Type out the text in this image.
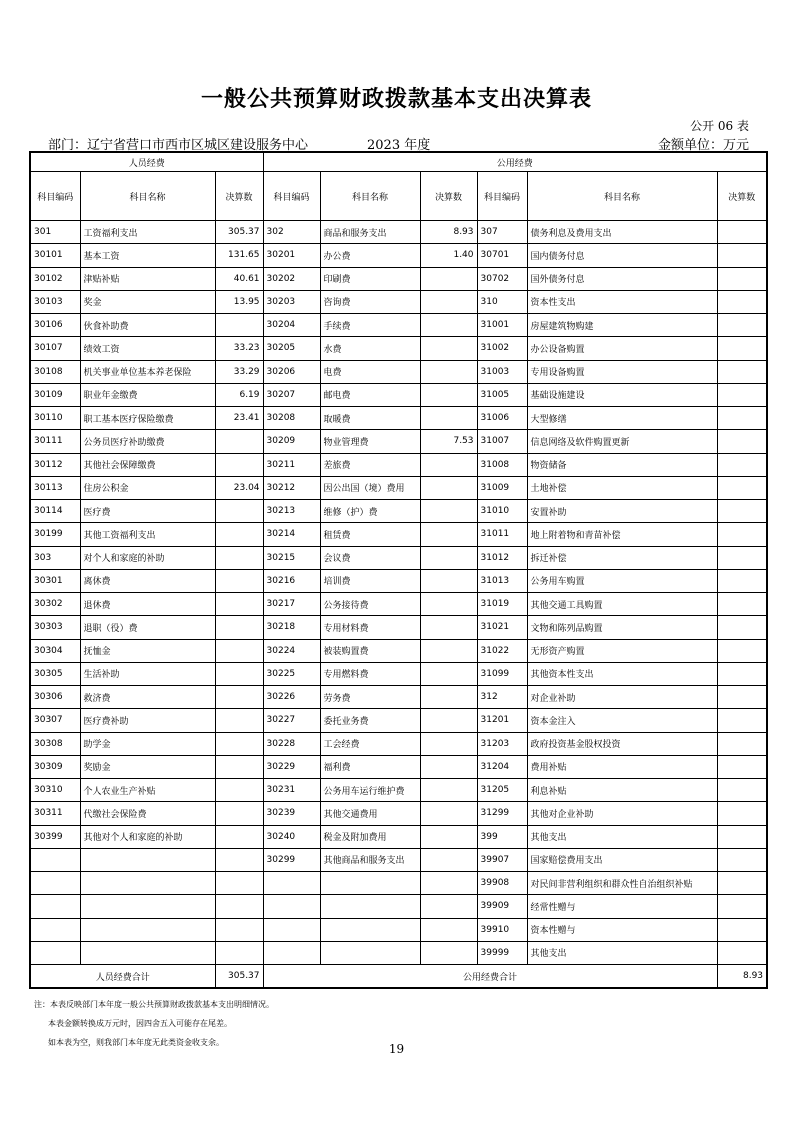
一般公共预算财政拨款基本支出决算表
公开 06 表
部门：辽宁省营口市西市区城区建设服务中心	2023 年度	金额单位：万元
人员经费			公用经费					
科目编码	科目名称	决算数	科目编码	科目名称	决算数	科目编码	科目名称	决算数
301	工资福利支出	305.37	302	商品和服务支出	8.93	307	债务利息及费用支出	
30101	基本工资	131.65	30201	办公费	1.40	30701	国内债务付息	
30102	津贴补贴	40.61	30202	印刷费		30702	国外债务付息	
30103	奖金	13.95	30203	咨询费		310	资本性支出	
30106	伙食补助费		30204	手续费		31001	房屋建筑物购建	
30107	绩效工资	33.23	30205	水费		31002	办公设备购置	
30108	机关事业单位基本养老保险	33.29	30206	电费		31003	专用设备购置	
30109	职业年金缴费	6.19	30207	邮电费		31005	基础设施建设	
30110	职工基本医疗保险缴费	23.41	30208	取暖费		31006	大型修缮	
30111	公务员医疗补助缴费		30209	物业管理费	7.53	31007	信息网络及软件购置更新	
30112	其他社会保障缴费		30211	差旅费		31008	物资储备	
30113	住房公积金	23.04	30212	因公出国（境）费用		31009	土地补偿	
30114	医疗费		30213	维修（护）费		31010	安置补助	
30199	其他工资福利支出		30214	租赁费		31011	地上附着物和青苗补偿	
303	对个人和家庭的补助		30215	会议费		31012	拆迁补偿	
30301	离休费		30216	培训费		31013	公务用车购置	
30302	退休费		30217	公务接待费		31019	其他交通工具购置	
30303	退职（役）费		30218	专用材料费		31021	文物和陈列品购置	
30304	抚恤金		30224	被装购置费		31022	无形资产购置	
30305	生活补助		30225	专用燃料费		31099	其他资本性支出	
30306	救济费		30226	劳务费		312	对企业补助	
30307	医疗费补助		30227	委托业务费		31201	资本金注入	
30308	助学金		30228	工会经费		31203	政府投资基金股权投资	
30309	奖励金		30229	福利费		31204	费用补贴	
30310	个人农业生产补贴		30231	公务用车运行维护费		31205	利息补贴	
30311	代缴社会保险费		30239	其他交通费用		31299	其他对企业补助	
30399	其他对个人和家庭的补助		30240	税金及附加费用		399	其他支出	
			30299	其他商品和服务支出		39907	国家赔偿费用支出	
						39908	对民间非营利组织和群众性自治组织补贴	
						39909	经常性赠与	
						39910	资本性赠与	
						39999	其他支出	
人员经费合计		305.37	公用经费合计					8.93
注：本表反映部门本年度一般公共预算财政拨款基本支出明细情况。
本表金额转换成万元时，因四舍五入可能存在尾差。
如本表为空，则我部门本年度无此类资金收支余。	19
